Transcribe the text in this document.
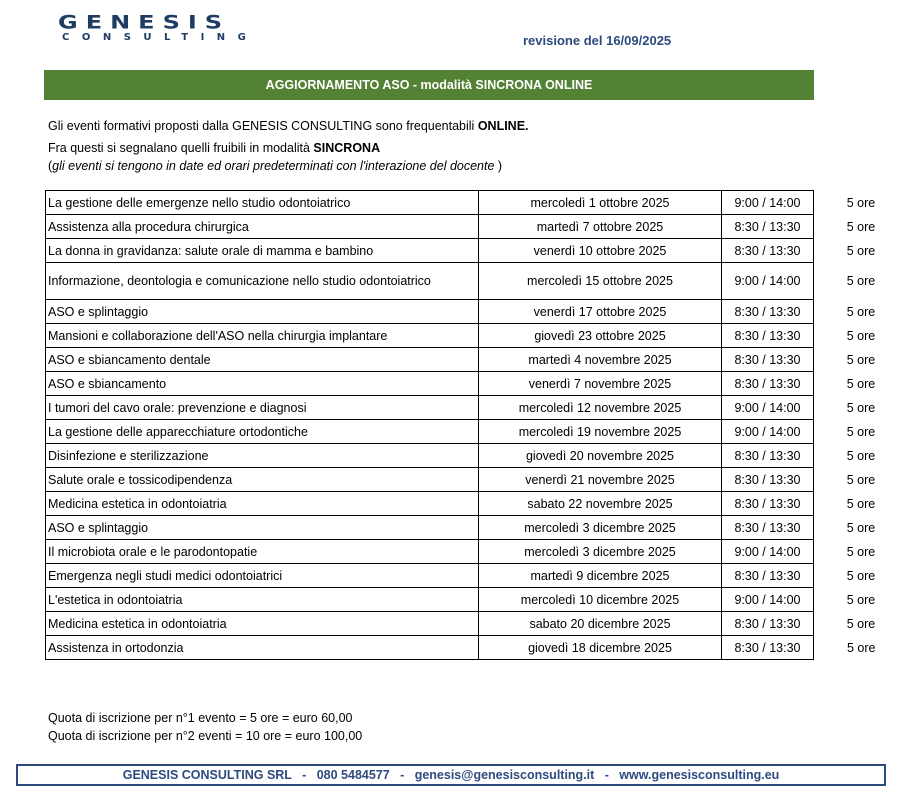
GENESIS
CONSULTING	revisione del 16/09/2025
AGGIORNAMENTO ASO - modalità SINCRONA ONLINE
Gli eventi formativi proposti dalla GENESIS CONSULTING sono frequentabili ONLINE.
Fra questi si segnalano quelli fruibili in modalità SINCRONA
(gli eventi si tengono in date ed orari predeterminati con l'interazione del docente )
La gestione delle emergenze nello studio odontoiatrico	mercoledì 1 ottobre 2025	9:00 / 14:00	5 ore
Assistenza alla procedura chirurgica	martedì 7 ottobre 2025	8:30 / 13:30	5 ore
La donna in gravidanza: salute orale di mamma e bambino	venerdì 10 ottobre 2025	8:30 / 13:30	5 ore
Informazione, deontologia e comunicazione nello studio odontoiatrico	mercoledì 15 ottobre 2025	9:00 / 14:00	5 ore
ASO e splintaggio	venerdì 17 ottobre 2025	8:30 / 13:30	5 ore
Mansioni e collaborazione dell'ASO nella chirurgia implantare	giovedì 23 ottobre 2025	8:30 / 13:30	5 ore
ASO e sbiancamento dentale	martedì 4 novembre 2025	8:30 / 13:30	5 ore
ASO e sbiancamento	venerdì 7 novembre 2025	8:30 / 13:30	5 ore
I tumori del cavo orale: prevenzione e diagnosi	mercoledì 12 novembre 2025	9:00 / 14:00	5 ore
La gestione delle apparecchiature ortodontiche	mercoledì 19 novembre 2025	9:00 / 14:00	5 ore
Disinfezione e sterilizzazione	giovedì 20 novembre 2025	8:30 / 13:30	5 ore
Salute orale e tossicodipendenza	venerdì 21 novembre 2025	8:30 / 13:30	5 ore
Medicina estetica in odontoiatria	sabato 22 novembre 2025	8:30 / 13:30	5 ore
ASO e splintaggio	mercoledì 3 dicembre 2025	8:30 / 13:30	5 ore
Il microbiota orale e le parodontopatie	mercoledì 3 dicembre 2025	9:00 / 14:00	5 ore
Emergenza negli studi medici odontoiatrici	martedì 9 dicembre 2025	8:30 / 13:30	5 ore
L'estetica in odontoiatria	mercoledì 10 dicembre 2025	9:00 / 14:00	5 ore
Medicina estetica in odontoiatria	sabato 20 dicembre 2025	8:30 / 13:30	5 ore
Assistenza in ortodonzia	giovedì 18 dicembre 2025	8:30 / 13:30	5 ore
Quota di iscrizione per n°1 evento = 5 ore = euro 60,00
Quota di iscrizione per n°2 eventi = 10 ore = euro 100,00
GENESIS CONSULTING SRL   -   080 5484577   -   genesis@genesisconsulting.it   -   www.genesisconsulting.eu
